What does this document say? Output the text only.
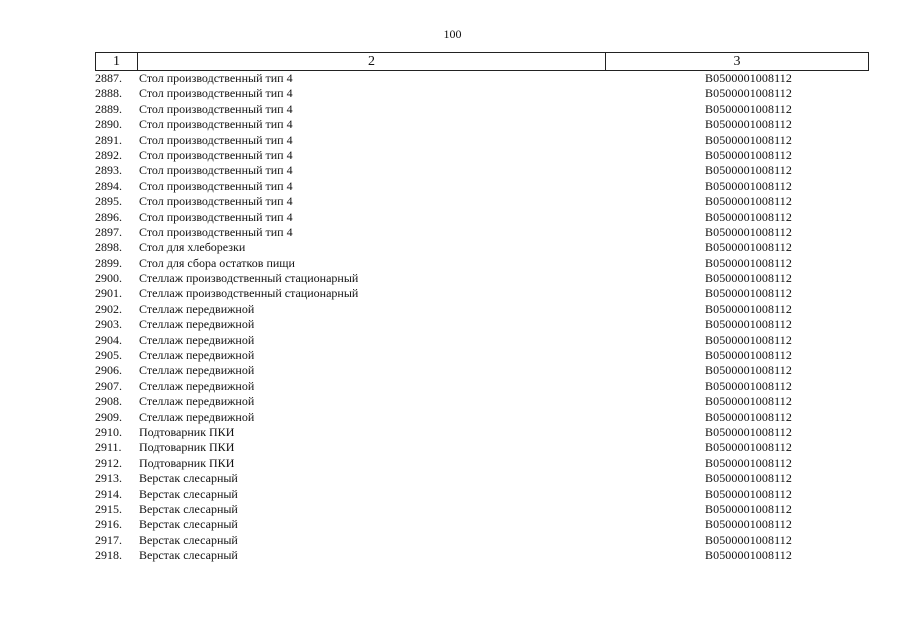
100
1	2	3
2887.	Стол производственный тип 4	В0500001008112
2888.	Стол производственный тип 4	В0500001008112
2889.	Стол производственный тип 4	В0500001008112
2890.	Стол производственный тип 4	В0500001008112
2891.	Стол производственный тип 4	В0500001008112
2892.	Стол производственный тип 4	В0500001008112
2893.	Стол производственный тип 4	В0500001008112
2894.	Стол производственный тип 4	В0500001008112
2895.	Стол производственный тип 4	В0500001008112
2896.	Стол производственный тип 4	В0500001008112
2897.	Стол производственный тип 4	В0500001008112
2898.	Стол для хлеборезки	В0500001008112
2899.	Стол для сбора остатков пищи	В0500001008112
2900.	Стеллаж производственный стационарный	В0500001008112
2901.	Стеллаж производственный стационарный	В0500001008112
2902.	Стеллаж передвижной	В0500001008112
2903.	Стеллаж передвижной	В0500001008112
2904.	Стеллаж передвижной	В0500001008112
2905.	Стеллаж передвижной	В0500001008112
2906.	Стеллаж передвижной	В0500001008112
2907.	Стеллаж передвижной	В0500001008112
2908.	Стеллаж передвижной	В0500001008112
2909.	Стеллаж передвижной	В0500001008112
2910.	Подтоварник ПКИ	В0500001008112
2911.	Подтоварник ПКИ	В0500001008112
2912.	Подтоварник ПКИ	В0500001008112
2913.	Верстак слесарный	В0500001008112
2914.	Верстак слесарный	В0500001008112
2915.	Верстак слесарный	В0500001008112
2916.	Верстак слесарный	В0500001008112
2917.	Верстак слесарный	В0500001008112
2918.	Верстак слесарный	В0500001008112
